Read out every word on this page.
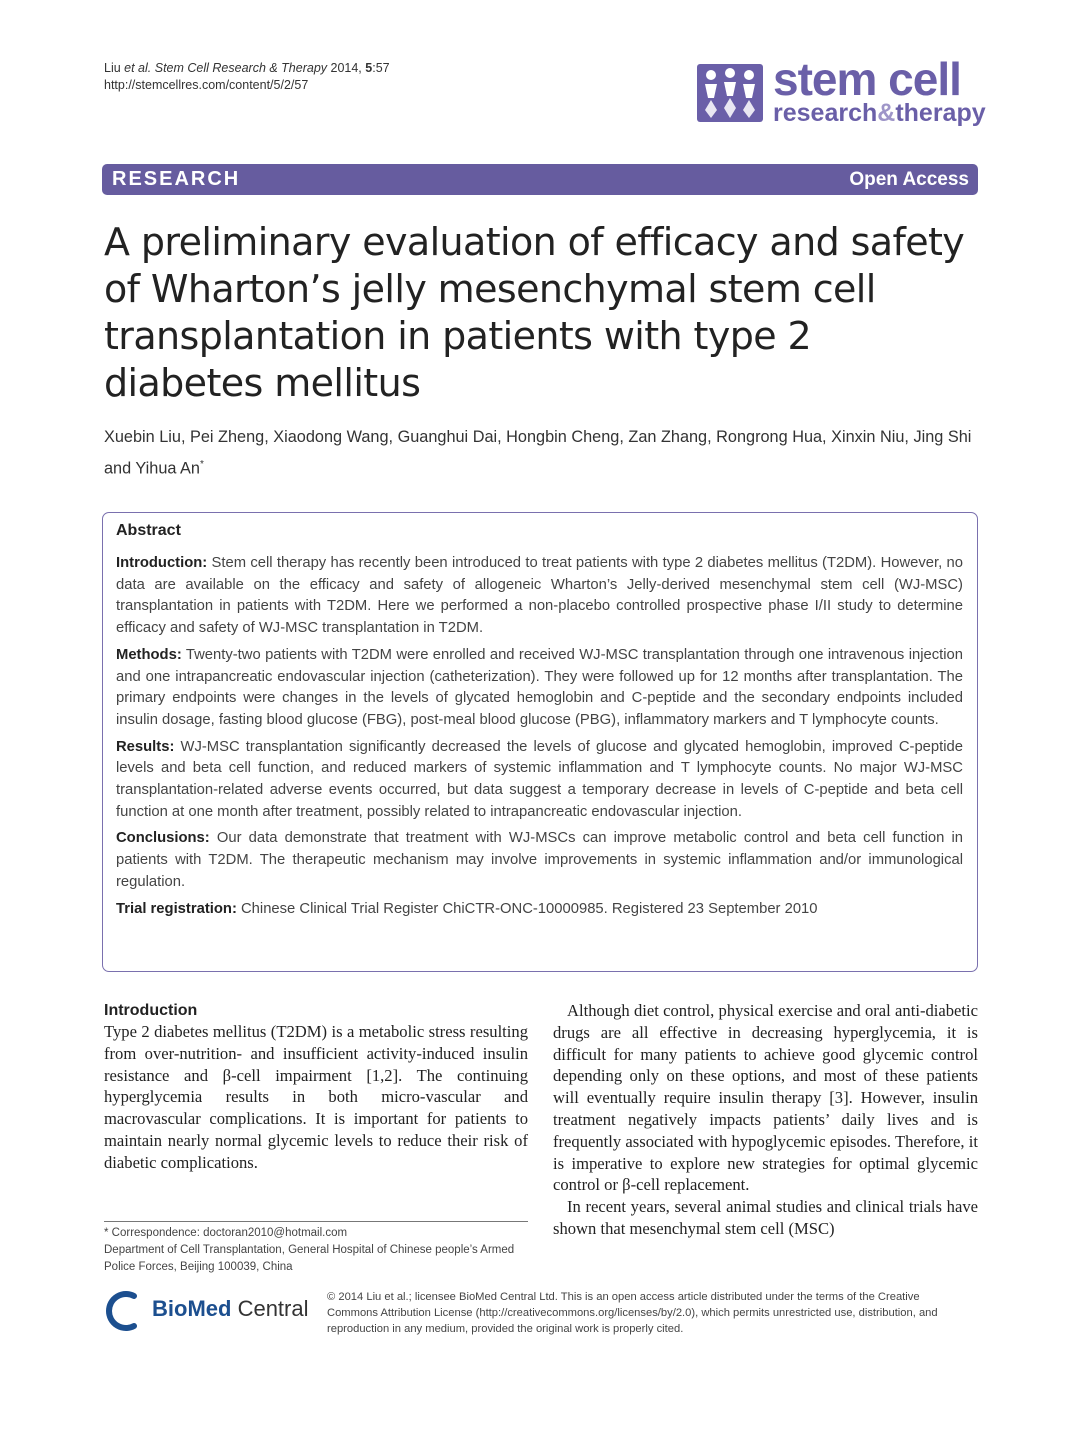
Liu et al. Stem Cell Research & Therapy 2014, 5:57
http://stemcellres.com/content/5/2/57	stem cell
research&therapy
RESEARCH	Open Access
A preliminary evaluation of efficacy and safety of Wharton’s jelly mesenchymal stem cell transplantation in patients with type 2 diabetes mellitus
Xuebin Liu, Pei Zheng, Xiaodong Wang, Guanghui Dai, Hongbin Cheng, Zan Zhang, Rongrong Hua, Xinxin Niu, Jing Shi and Yihua An*
Abstract

Introduction: Stem cell therapy has recently been introduced to treat patients with type 2 diabetes mellitus (T2DM). However, no data are available on the efficacy and safety of allogeneic Wharton’s Jelly-derived mesenchymal stem cell (WJ-MSC) transplantation in patients with T2DM. Here we performed a non-placebo controlled prospective phase I/II study to determine efficacy and safety of WJ-MSC transplantation in T2DM.

Methods: Twenty-two patients with T2DM were enrolled and received WJ-MSC transplantation through one intravenous injection and one intrapancreatic endovascular injection (catheterization). They were followed up for 12 months after transplantation. The primary endpoints were changes in the levels of glycated hemoglobin and C-peptide and the secondary endpoints included insulin dosage, fasting blood glucose (FBG), post-meal blood glucose (PBG), inflammatory markers and T lymphocyte counts.

Results: WJ-MSC transplantation significantly decreased the levels of glucose and glycated hemoglobin, improved C-peptide levels and beta cell function, and reduced markers of systemic inflammation and T lymphocyte counts. No major WJ-MSC transplantation-related adverse events occurred, but data suggest a temporary decrease in levels of C-peptide and beta cell function at one month after treatment, possibly related to intrapancreatic endovascular injection.

Conclusions: Our data demonstrate that treatment with WJ-MSCs can improve metabolic control and beta cell function in patients with T2DM. The therapeutic mechanism may involve improvements in systemic inflammation and/or immunological regulation.

Trial registration: Chinese Clinical Trial Register ChiCTR-ONC-10000985. Registered 23 September 2010

Introduction

Type 2 diabetes mellitus (T2DM) is a metabolic stress resulting from over-nutrition- and insufficient activity-induced insulin resistance and β-cell impairment [1,2]. The continuing hyperglycemia results in both micro-vascular and macrovascular complications. It is important for patients to maintain nearly normal glycemic levels to reduce their risk of diabetic complications.

Although diet control, physical exercise and oral anti-diabetic drugs are all effective in decreasing hyperglycemia, it is difficult for many patients to achieve good glycemic control depending only on these options, and most of these patients will eventually require insulin therapy [3]. However, insulin treatment negatively impacts patients’ daily lives and is frequently associated with hypoglycemic episodes. Therefore, it is imperative to explore new strategies for optimal glycemic control or β-cell replacement.

In recent years, several animal studies and clinical trials have shown that mesenchymal stem cell (MSC)

* Correspondence: doctoran2010@hotmail.com
Department of Cell Transplantation, General Hospital of Chinese people’s Armed Police Forces, Beijing 100039, China
BioMed Central © 2014 Liu et al.; licensee BioMed Central Ltd. This is an open access article distributed under the terms of the Creative Commons Attribution License (http://creativecommons.org/licenses/by/2.0), which permits unrestricted use, distribution, and reproduction in any medium, provided the original work is properly cited.
